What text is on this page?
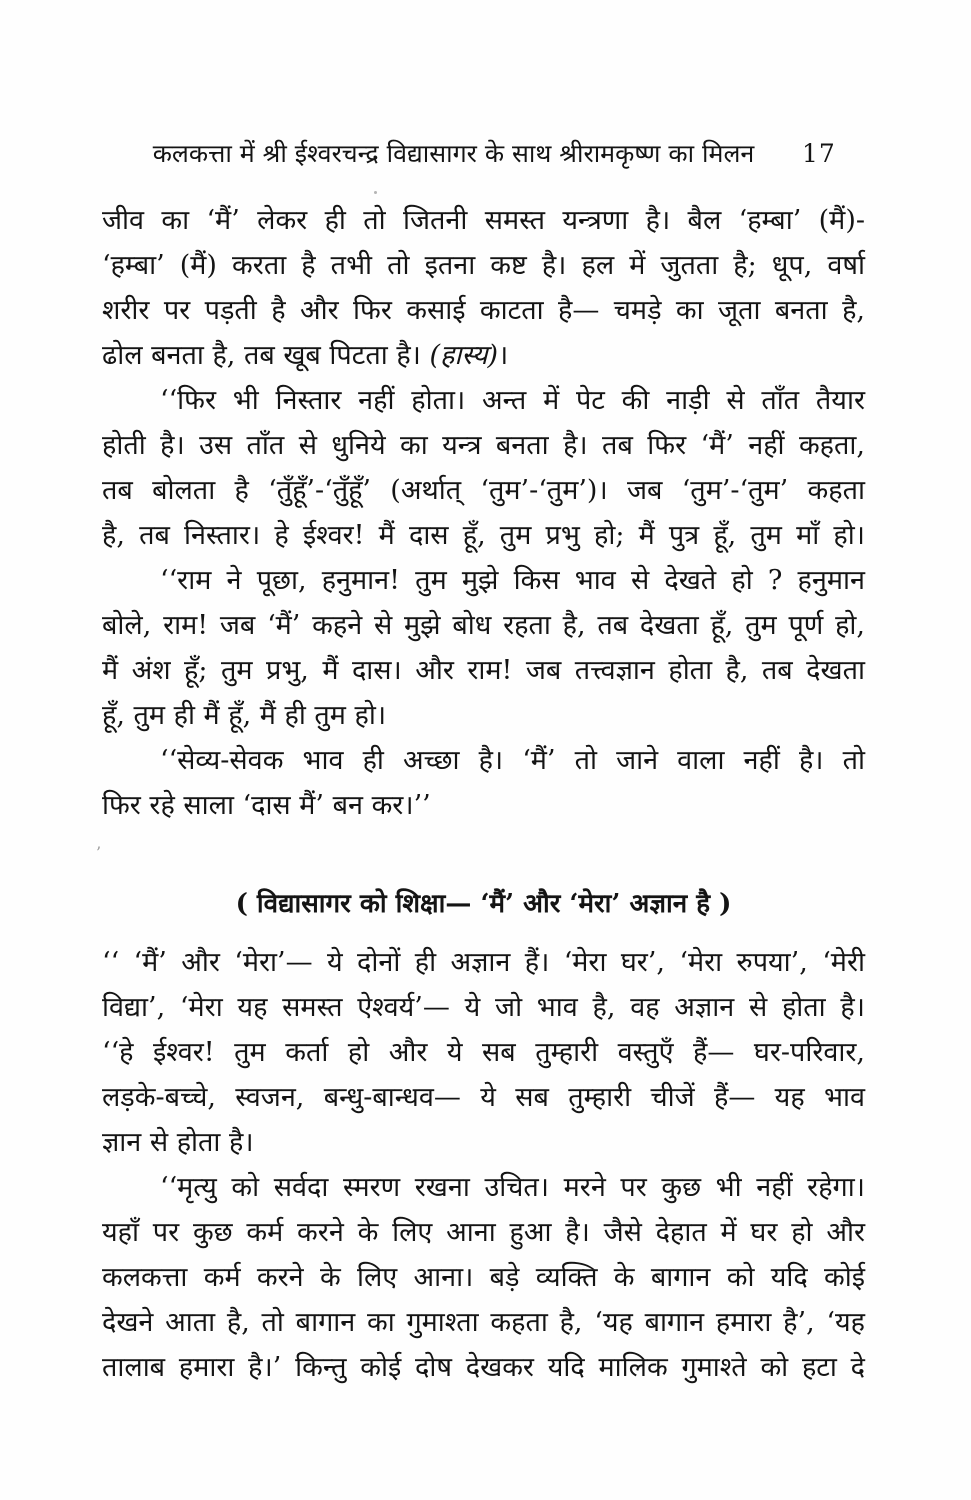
कलकत्ता में श्री ईश्वरचन्द्र विद्यासागर के साथ श्रीरामकृष्ण का मिलन	17
जीव का ‘मैं’ लेकर ही तो जितनी समस्त यन्त्रणा है। बैल ‘हम्बा’ (मैं)-
‘हम्बा’ (मैं) करता है तभी तो इतना कष्ट है। हल में जुतता है; धूप, वर्षा
शरीर पर पड़ती है और फिर कसाई काटता है— चमड़े का जूता बनता है,
ढोल बनता है, तब खूब पिटता है। (हास्य)।
‘‘फिर भी निस्तार नहीं होता। अन्त में पेट की नाड़ी से ताँत तैयार
होती है। उस ताँत से धुनिये का यन्त्र बनता है। तब फिर ‘मैं’ नहीं कहता,
तब बोलता है ‘तुँहूँ’-‘तुँहूँ’ (अर्थात् ‘तुम’-‘तुम’)। जब ‘तुम’-‘तुम’ कहता
है, तब निस्तार। हे ईश्वर! मैं दास हूँ, तुम प्रभु हो; मैं पुत्र हूँ, तुम माँ हो।
‘‘राम ने पूछा, हनुमान! तुम मुझे किस भाव से देखते हो ? हनुमान
बोले, राम! जब ‘मैं’ कहने से मुझे बोध रहता है, तब देखता हूँ, तुम पूर्ण हो,
मैं अंश हूँ; तुम प्रभु, मैं दास। और राम! जब तत्त्वज्ञान होता है, तब देखता
हूँ, तुम ही मैं हूँ, मैं ही तुम हो।
‘‘सेव्य-सेवक भाव ही अच्छा है। ‘मैं’ तो जाने वाला नहीं है। तो
फिर रहे साला ‘दास मैं’ बन कर।’’
( विद्यासागर को शिक्षा— ‘मैं’ और ‘मेरा’ अज्ञान है )
‘‘ ‘मैं’ और ‘मेरा’— ये दोनों ही अज्ञान हैं। ‘मेरा घर’, ‘मेरा रुपया’, ‘मेरी
विद्या’, ‘मेरा यह समस्त ऐश्वर्य’— ये जो भाव है, वह अज्ञान से होता है।
‘‘हे ईश्वर! तुम कर्ता हो और ये सब तुम्हारी वस्तुएँ हैं— घर-परिवार,
लड़के-बच्चे, स्वजन, बन्धु-बान्धव— ये सब तुम्हारी चीजें हैं— यह भाव
ज्ञान से होता है।
‘‘मृत्यु को सर्वदा स्मरण रखना उचित। मरने पर कुछ भी नहीं रहेगा।
यहाँ पर कुछ कर्म करने के लिए आना हुआ है। जैसे देहात में घर हो और
कलकत्ता कर्म करने के लिए आना। बड़े व्यक्ति के बागान को यदि कोई
देखने आता है, तो बागान का गुमाश्ता कहता है, ‘यह बागान हमारा है’, ‘यह
तालाब हमारा है।’ किन्तु कोई दोष देखकर यदि मालिक गुमाश्ते को हटा दे
’
